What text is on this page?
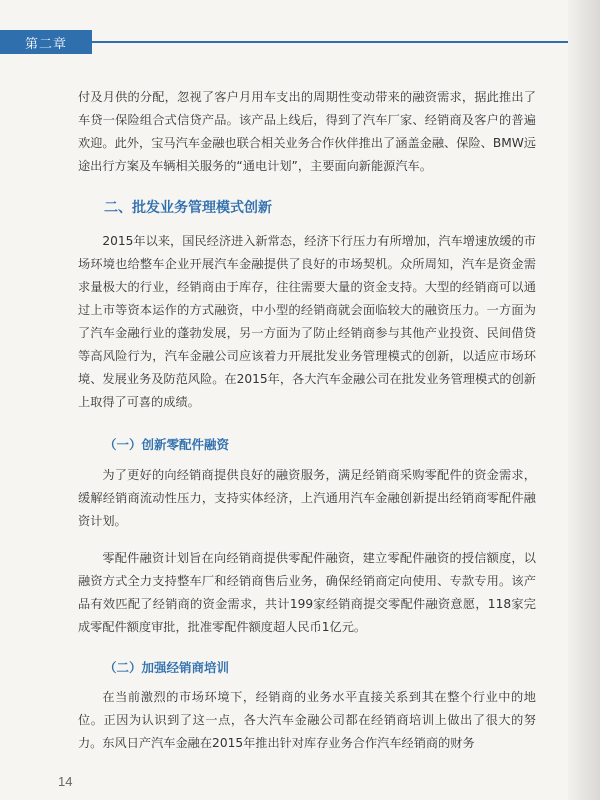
第二章

付及月供的分配，忽视了客户月用车支出的周期性变动带来的融资需求，据此推出了车贷一保险组合式信贷产品。该产品上线后，得到了汽车厂家、经销商及客户的普遍欢迎。此外，宝马汽车金融也联合相关业务合作伙伴推出了涵盖金融、保险、BMW远途出行方案及车辆相关服务的“通电计划”，主要面向新能源汽车。

二、批发业务管理模式创新

2015年以来，国民经济进入新常态，经济下行压力有所增加，汽车增速放缓的市场环境也给整车企业开展汽车金融提供了良好的市场契机。众所周知，汽车是资金需求量极大的行业，经销商由于库存，往往需要大量的资金支持。大型的经销商可以通过上市等资本运作的方式融资，中小型的经销商就会面临较大的融资压力。一方面为了汽车金融行业的蓬勃发展，另一方面为了防止经销商参与其他产业投资、民间借贷等高风险行为，汽车金融公司应该着力开展批发业务管理模式的创新，以适应市场环境、发展业务及防范风险。在2015年，各大汽车金融公司在批发业务管理模式的创新上取得了可喜的成绩。

（一）创新零配件融资

为了更好的向经销商提供良好的融资服务，满足经销商采购零配件的资金需求，缓解经销商流动性压力，支持实体经济，上汽通用汽车金融创新提出经销商零配件融资计划。

零配件融资计划旨在向经销商提供零配件融资，建立零配件融资的授信额度，以融资方式全力支持整车厂和经销商售后业务，确保经销商定向使用、专款专用。该产品有效匹配了经销商的资金需求，共计199家经销商提交零配件融资意愿，118家完成零配件额度审批，批准零配件额度超人民币1亿元。

（二）加强经销商培训

在当前激烈的市场环境下，经销商的业务水平直接关系到其在整个行业中的地位。正因为认识到了这一点，各大汽车金融公司都在经销商培训上做出了很大的努力。东风日产汽车金融在2015年推出针对库存业务合作汽车经销商的财务

14
